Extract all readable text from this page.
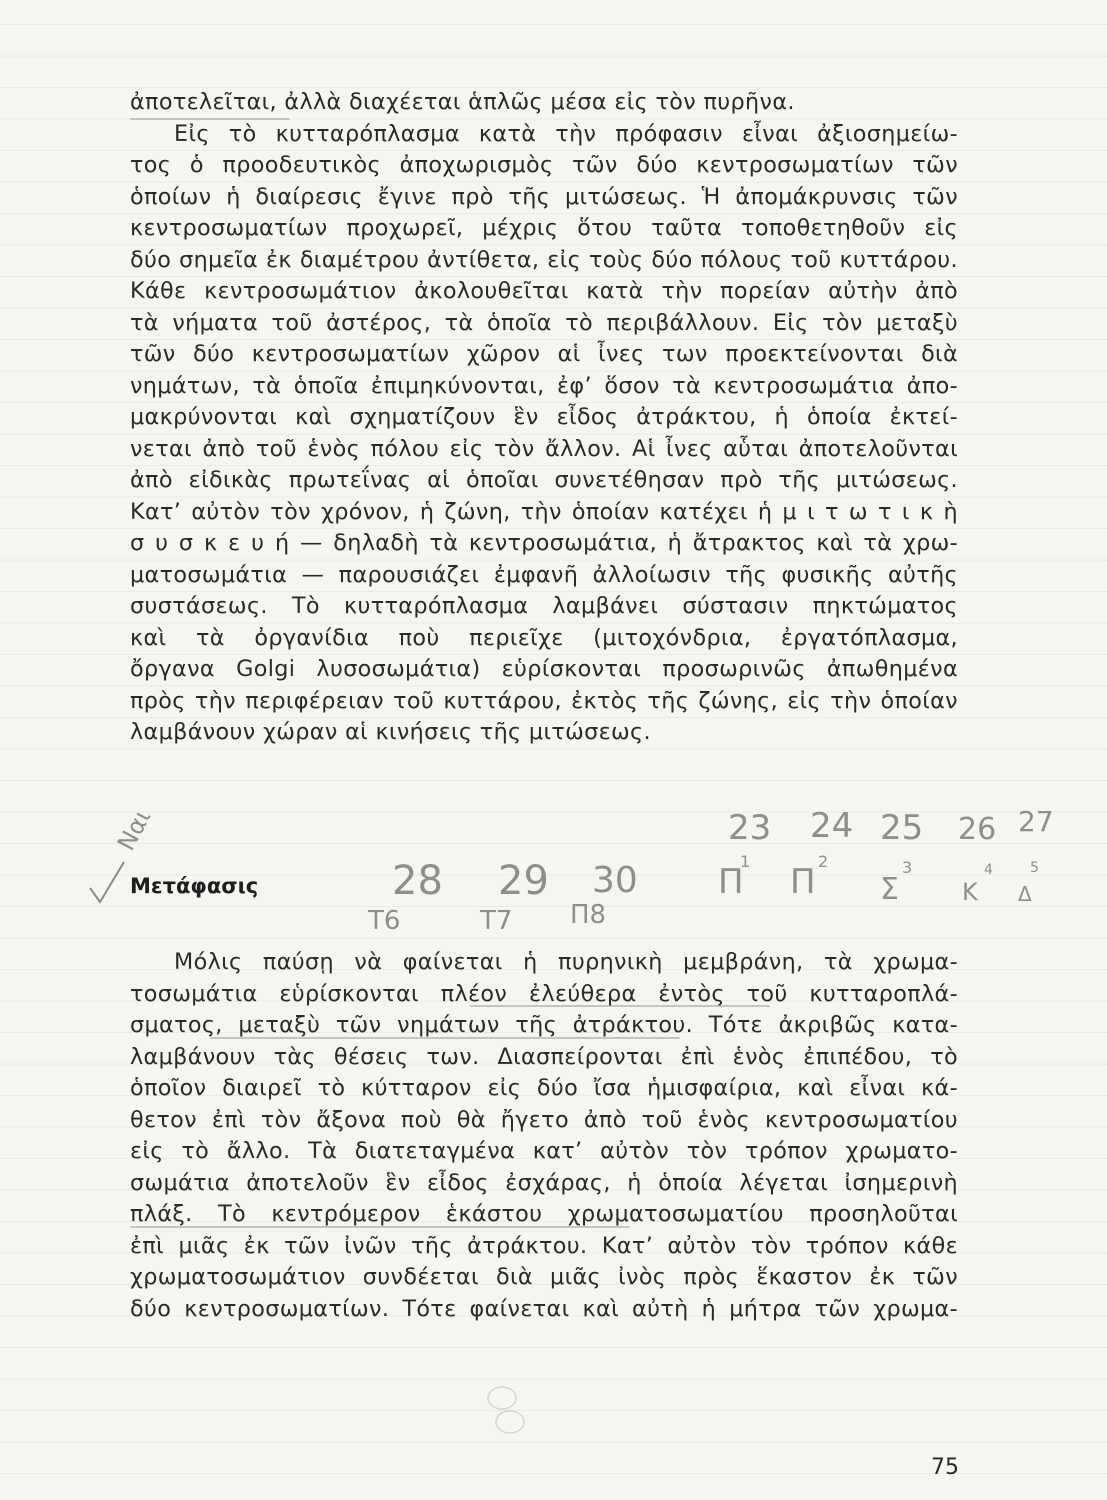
ἀποτελεῖται, ἀλλὰ διαχέεται ἁπλῶς μέσα εἰς τὸν πυρῆνα.
Εἰς τὸ κυτταρόπλασμα κατὰ τὴν πρόφασιν εἶναι ἀξιοσημείω-
τος ὁ προοδευτικὸς ἀποχωρισμὸς τῶν δύο κεντροσωματίων τῶν
ὁποίων ἡ διαίρεσις ἔγινε πρὸ τῆς μιτώσεως. Ἡ ἀπομάκρυνσις τῶν
κεντροσωματίων προχωρεῖ, μέχρις ὅτου ταῦτα τοποθετηθοῦν εἰς
δύο σημεῖα ἐκ διαμέτρου ἀντίθετα, εἰς τοὺς δύο πόλους τοῦ κυττάρου.
Κάθε κεντροσωμάτιον ἀκολουθεῖται κατὰ τὴν πορείαν αὐτὴν ἀπὸ
τὰ νήματα τοῦ ἀστέρος, τὰ ὁποῖα τὸ περιβάλλουν. Εἰς τὸν μεταξὺ
τῶν δύο κεντροσωματίων χῶρον αἱ ἶνες των προεκτείνονται διὰ
νημάτων, τὰ ὁποῖα ἐπιμηκύνονται, ἐφ’ ὅσον τὰ κεντροσωμάτια ἀπο-
μακρύνονται καὶ σχηματίζουν ἓν εἶδος ἀτράκτου, ἡ ὁποία ἐκτεί-
νεται ἀπὸ τοῦ ἑνὸς πόλου εἰς τὸν ἄλλον. Αἱ ἶνες αὗται ἀποτελοῦνται
ἀπὸ εἰδικὰς πρωτεΐνας αἱ ὁποῖαι συνετέθησαν πρὸ τῆς μιτώσεως.
Κατ’ αὐτὸν τὸν χρόνον, ἡ ζώνη, τὴν ὁποίαν κατέχει ἡ μ ι τ ω τ ι κ ὴ
σ υ σ κ ε υ ή — δηλαδὴ τὰ κεντροσωμάτια, ἡ ἄτρακτος καὶ τὰ χρω-
ματοσωμάτια — παρουσιάζει ἐμφανῆ ἀλλοίωσιν τῆς φυσικῆς αὐτῆς
συστάσεως. Τὸ κυτταρόπλασμα λαμβάνει σύστασιν πηκτώματος
καὶ τὰ ὀργανίδια ποὺ περιεῖχε (μιτοχόνδρια, ἐργατόπλασμα,
ὄργανα Golgi λυσοσωμάτια) εὑρίσκονται προσωρινῶς ἀπωθημένα
πρὸς τὴν περιφέρειαν τοῦ κυττάρου, ἐκτὸς τῆς ζώνης, εἰς τὴν ὁποίαν
λαμβάνουν χώραν αἱ κινήσεις τῆς μιτώσεως.
Ναι
Μετάφασις
23 24 25 26 27
28 29 30 Π
1
Π
2
Σ
3
Κ
4
Δ
5
Τ6	Τ7 Π8
Μόλις παύσῃ νὰ φαίνεται ἡ πυρηνικὴ μεμβράνη, τὰ χρωμα-
τοσωμάτια εὑρίσκονται πλέον ἐλεύθερα ἐντὸς τοῦ κυτταροπλά-
σματος, μεταξὺ τῶν νημάτων τῆς ἀτράκτου. Τότε ἀκριβῶς κατα-
λαμβάνουν τὰς θέσεις των. Διασπείρονται ἐπὶ ἑνὸς ἐπιπέδου, τὸ
ὁποῖον διαιρεῖ τὸ κύτταρον εἰς δύο ἴσα ἡμισφαίρια, καὶ εἶναι κά-
θετον ἐπὶ τὸν ἄξονα ποὺ θὰ ἤγετο ἀπὸ τοῦ ἑνὸς κεντροσωματίου
εἰς τὸ ἄλλο. Τὰ διατεταγμένα κατ’ αὐτὸν τὸν τρόπον χρωματο-
σωμάτια ἀποτελοῦν ἓν εἶδος ἐσχάρας, ἡ ὁποία λέγεται ἰσημερινὴ
πλάξ. Τὸ κεντρόμερον ἑκάστου χρωματοσωματίου προσηλοῦται
ἐπὶ μιᾶς ἐκ τῶν ἰνῶν τῆς ἀτράκτου. Κατ’ αὐτὸν τὸν τρόπον κάθε
χρωματοσωμάτιον συνδέεται διὰ μιᾶς ἰνὸς πρὸς ἕκαστον ἐκ τῶν
δύο κεντροσωματίων. Τότε φαίνεται καὶ αὐτὴ ἡ μήτρα τῶν χρωμα-
75
